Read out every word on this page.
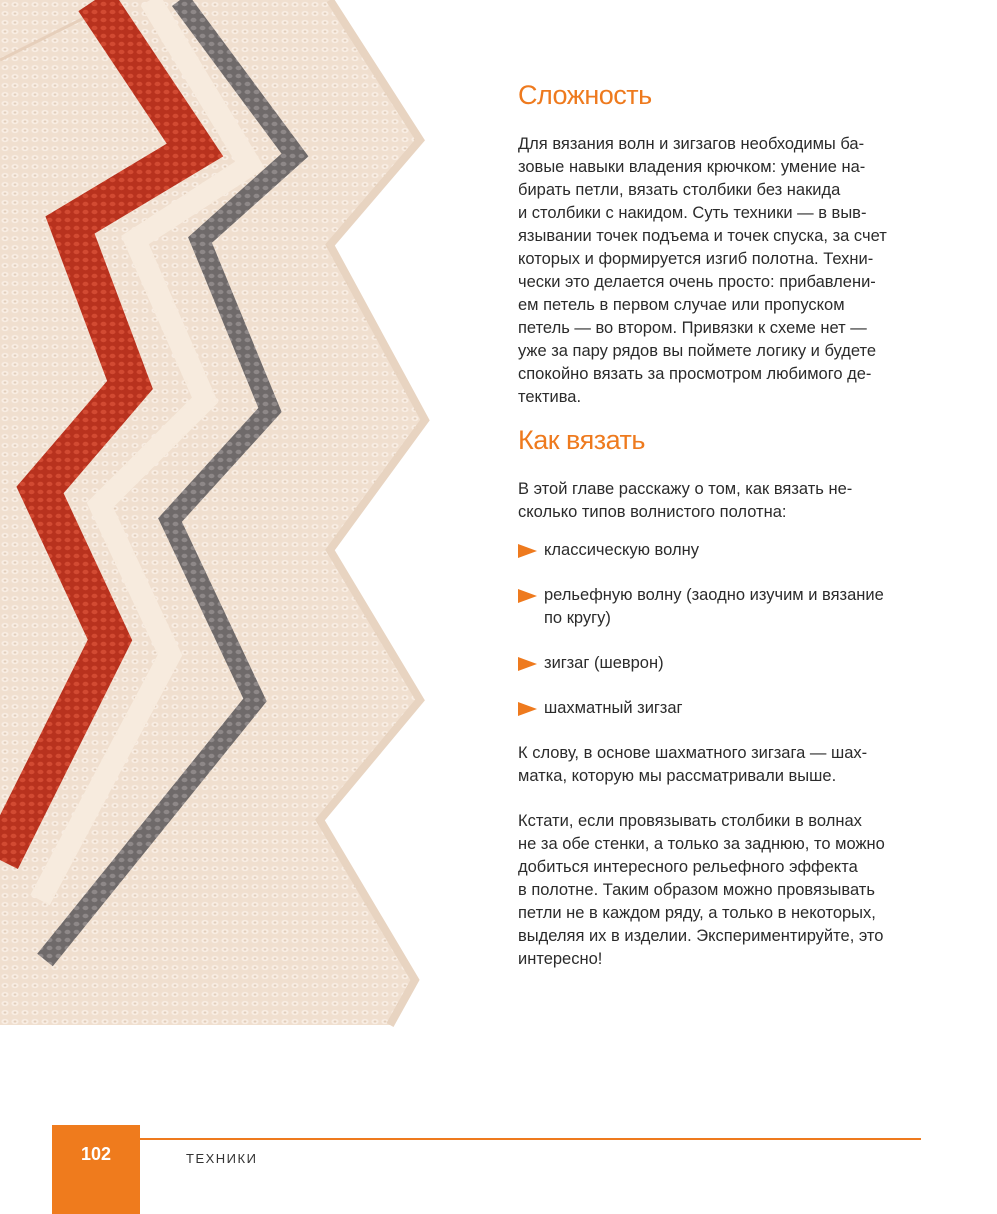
Сложность

Для вязания волн и зигзагов необходимы ба-
зовые навыки владения крючком: умение на-
бирать петли, вязать столбики без накида
и столбики с накидом. Суть техники — в выв-
язывании точек подъема и точек спуска, за счет
которых и формируется изгиб полотна. Техни-
чески это делается очень просто: прибавлени-
ем петель в первом случае или пропуском
петель — во втором. Привязки к схеме нет —
уже за пару рядов вы поймете логику и будете
спокойно вязать за просмотром любимого де-
тектива.

Как вязать

В этой главе расскажу о том, как вязать не-
сколько типов волнистого полотна:

классическую волну
рельефную волну (заодно изучим и вязание
по кругу)
зигзаг (шеврон)
шахматный зигзаг

К слову, в основе шахматного зигзага — шах-
матка, которую мы рассматривали выше.

Кстати, если провязывать столбики в волнах
не за обе стенки, а только за заднюю, то можно
добиться интересного рельефного эффекта
в полотне. Таким образом можно провязывать
петли не в каждом ряду, а только в некоторых,
выделяя их в изделии. Экспериментируйте, это
интересно!

102	ТЕХНИКИ
